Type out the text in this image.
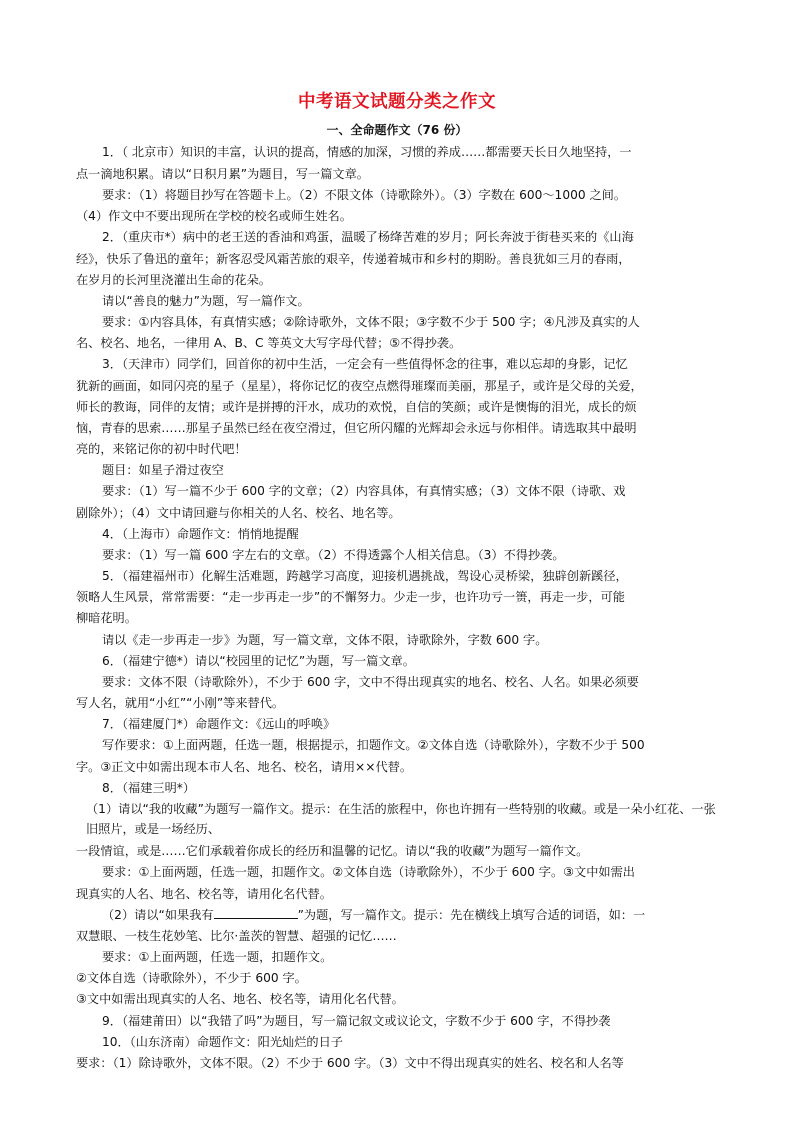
中考语文试题分类之作文
一、全命题作文（76 份）

1．（ 北京市）知识的丰富，认识的提高，情感的加深，习惯的养成……都需要天长日久地坚持，一

点一滴地积累。请以“日积月累”为题目，写一篇文章。

要求：（1）将题目抄写在答题卡上。（2）不限文体（诗歌除外）。（3）字数在 600～1000 之间。

（4）作文中不要出现所在学校的校名或师生姓名。

2．（重庆市*）病中的老王送的香油和鸡蛋，温暖了杨绛苦难的岁月；阿长奔波于街巷买来的《山海

经》，快乐了鲁迅的童年；新客忍受风霜苦旅的艰辛，传递着城市和乡村的期盼。善良犹如三月的春雨，

在岁月的长河里浇灌出生命的花朵。

请以“善良的魅力”为题，写一篇作文。

要求：①内容具体，有真情实感；②除诗歌外，文体不限；③字数不少于 500 字；④凡涉及真实的人

名、校名、地名，一律用 A、B、C 等英文大写字母代替；⑤不得抄袭。

3．（天津市）同学们，回首你的初中生活，一定会有一些值得怀念的往事，难以忘却的身影，记忆

犹新的画面，如同闪亮的星子（星星），将你记忆的夜空点燃得璀璨而美丽，那星子，或许是父母的关爱，

师长的教诲，同伴的友情；或许是拼搏的汗水，成功的欢悦，自信的笑颜；或许是懊悔的泪光，成长的烦

恼，青春的思索……那星子虽然已经在夜空滑过，但它所闪耀的光辉却会永远与你相伴。请选取其中最明

亮的，来铭记你的初中时代吧！

题目：如星子滑过夜空

要求：（1）写一篇不少于 600 字的文章；（2）内容具体，有真情实感；（3）文体不限（诗歌、戏

剧除外）；（4）文中请回避与你相关的人名、校名、地名等。

4．（上海市）命题作文：悄悄地提醒

要求：（1）写一篇 600 字左右的文章。（2）不得透露个人相关信息。（3）不得抄袭。

5．（福建福州市）化解生活难题，跨越学习高度，迎接机遇挑战，驾设心灵桥梁，独辟创新蹊径，

领略人生风景，常常需要：“走一步再走一步”的不懈努力。少走一步，也许功亏一篑，再走一步，可能

柳暗花明。

请以《走一步再走一步》为题，写一篇文章，文体不限，诗歌除外，字数 600 字。

6．（福建宁德*）请以“校园里的记忆”为题，写一篇文章。

要求：文体不限（诗歌除外），不少于 600 字，文中不得出现真实的地名、校名、人名。如果必须要

写人名，就用“小红”“小刚”等来替代。

7．（福建厦门*）命题作文：《远山的呼唤》

写作要求：①上面两题，任选一题，根据提示，扣题作文。②文体自选（诗歌除外），字数不少于 500

字。③正文中如需出现本市人名、地名、校名，请用××代替。

8．（福建三明*）

（1）请以“我的收藏”为题写一篇作文。提示：在生活的旅程中，你也许拥有一些特别的收藏。或是一朵小红花、一张旧照片，或是一场经历、

一段情谊，或是……它们承载着你成长的经历和温馨的记忆。请以“我的收藏”为题写一篇作文。

要求：①上面两题，任选一题，扣题作文。②文体自选（诗歌除外），不少于 600 字。③文中如需出

现真实的人名、地名、校名等，请用化名代替。

（2）请以“如果我有	”为题，写一篇作文。提示：先在横线上填写合适的词语，如：一

双慧眼、一枝生花妙笔、比尔·盖茨的智慧、超强的记忆……

要求：①上面两题，任选一题，扣题作文。

②文体自选（诗歌除外），不少于 600 字。

③文中如需出现真实的人名、地名、校名等，请用化名代替。

9．（福建莆田）以“我错了吗”为题目，写一篇记叙文或议论文，字数不少于 600 字，不得抄袭

10．（山东济南）命题作文：阳光灿烂的日子

要求：（1）除诗歌外，文体不限。（2）不少于 600 字。（3）文中不得出现真实的姓名、校名和人名等
